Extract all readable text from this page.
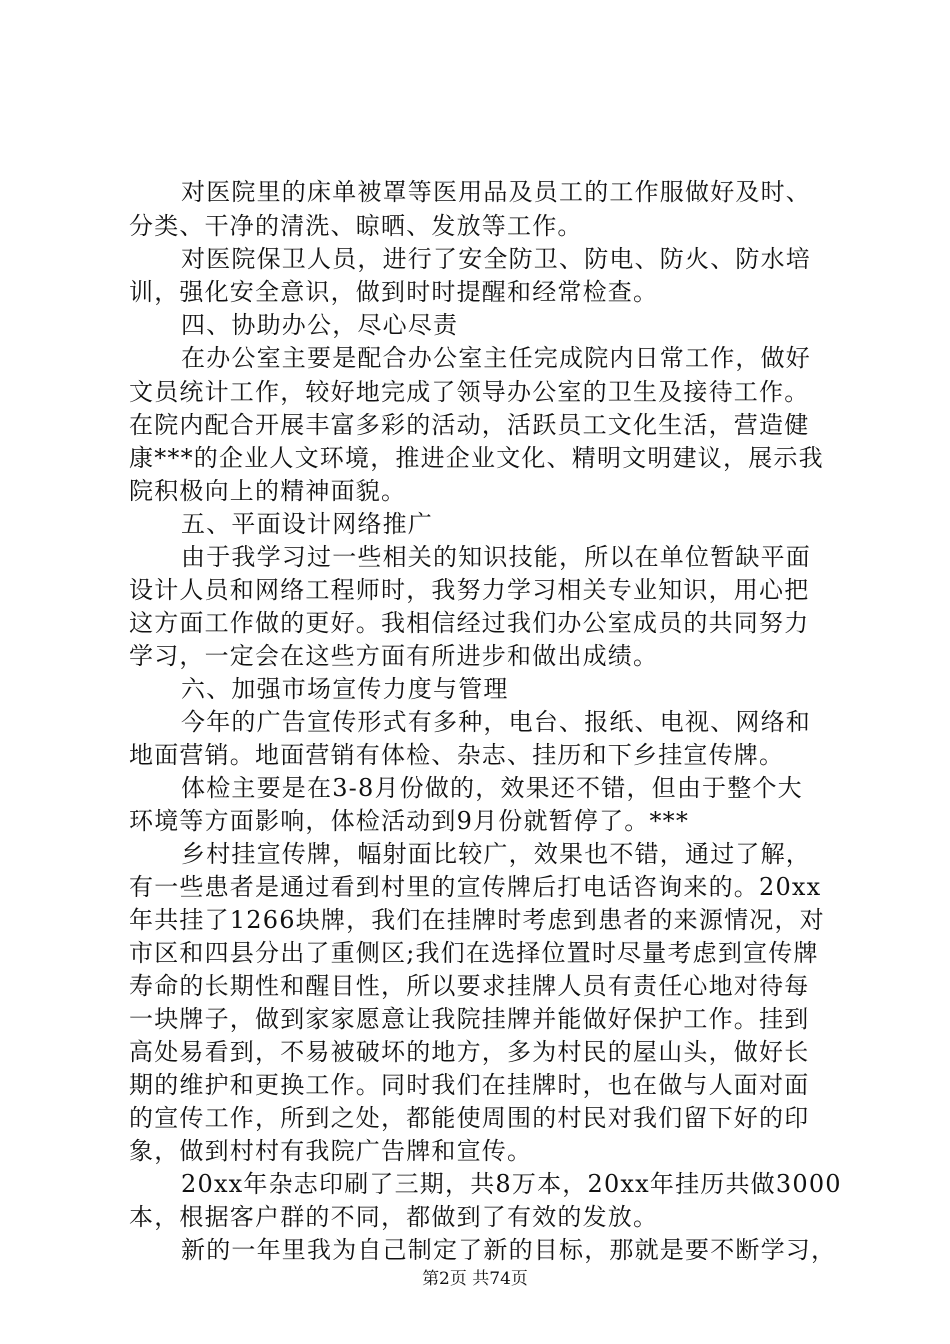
对医院里的床单被罩等医用品及员工的工作服做好及时、
分类、干净的清洗、晾晒、发放等工作。
对医院保卫人员，进行了安全防卫、防电、防火、防水培
训，强化安全意识，做到时时提醒和经常检查。
四、协助办公，尽心尽责
在办公室主要是配合办公室主任完成院内日常工作，做好
文员统计工作，较好地完成了领导办公室的卫生及接待工作。
在院内配合开展丰富多彩的活动，活跃员工文化生活，营造健
康***的企业人文环境，推进企业文化、精明文明建议，展示我
院积极向上的精神面貌。
五、平面设计网络推广
由于我学习过一些相关的知识技能，所以在单位暂缺平面
设计人员和网络工程师时，我努力学习相关专业知识，用心把
这方面工作做的更好。我相信经过我们办公室成员的共同努力
学习，一定会在这些方面有所进步和做出成绩。
六、加强市场宣传力度与管理
今年的广告宣传形式有多种，电台、报纸、电视、网络和
地面营销。地面营销有体检、杂志、挂历和下乡挂宣传牌。
体检主要是在3-8月份做的，效果还不错，但由于整个大
环境等方面影响，体检活动到9月份就暂停了。***
乡村挂宣传牌，幅射面比较广，效果也不错，通过了解，
有一些患者是通过看到村里的宣传牌后打电话咨询来的。20xx
年共挂了1266块牌，我们在挂牌时考虑到患者的来源情况，对
市区和四县分出了重侧区;我们在选择位置时尽量考虑到宣传牌
寿命的长期性和醒目性，所以要求挂牌人员有责任心地对待每
一块牌子，做到家家愿意让我院挂牌并能做好保护工作。挂到
高处易看到，不易被破坏的地方，多为村民的屋山头，做好长
期的维护和更换工作。同时我们在挂牌时，也在做与人面对面
的宣传工作，所到之处，都能使周围的村民对我们留下好的印
象，做到村村有我院广告牌和宣传。
20xx年杂志印刷了三期，共8万本，20xx年挂历共做3000
本，根据客户群的不同，都做到了有效的发放。
新的一年里我为自己制定了新的目标，那就是要不断学习，
第2页 共74页
